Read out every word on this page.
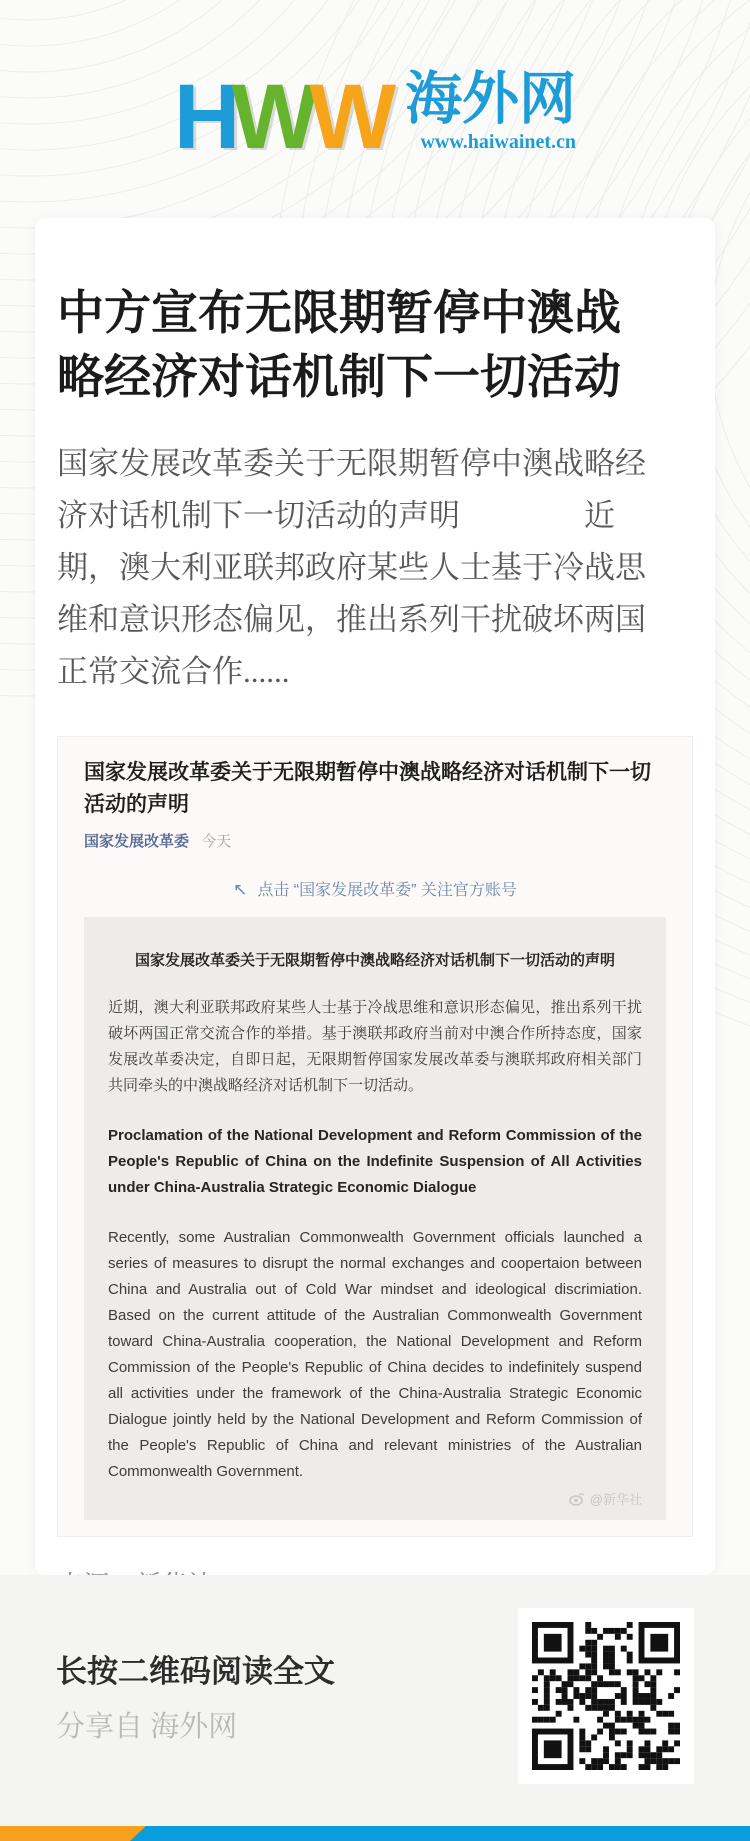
H W W 海外网
www.haiwainet.cn
中方宣布无限期暂停中澳战略经济对话机制下一切活动

国家发展改革委关于无限期暂停中澳战略经济对话机制下一切活动的声明　　　　近期，澳大利亚联邦政府某些人士基于冷战思维和意识形态偏见，推出系列干扰破坏两国正常交流合作......

国家发展改革委关于无限期暂停中澳战略经济对话机制下一切活动的声明
国家发展改革委 今天
↖ 点击 “国家发展改革委” 关注官方账号
国家发展改革委关于无限期暂停中澳战略经济对话机制下一切活动的声明
近期，澳大利亚联邦政府某些人士基于冷战思维和意识形态偏见，推出系列干扰破坏两国正常交流合作的举措。基于澳联邦政府当前对中澳合作所持态度，国家发展改革委决定，自即日起，无限期暂停国家发展改革委与澳联邦政府相关部门共同牵头的中澳战略经济对话机制下一切活动。
Proclamation of the National Development and Reform Commission of the People's Republic of China on the Indefinite Suspension of All Activities under China-Australia Strategic Economic Dialogue
Recently, some Australian Commonwealth Government officials launched a series of measures to disrupt the normal exchanges and coopertaion between China and Australia out of Cold War mindset and ideological discrimiation. Based on the current attitude of the Australian Commonwealth Government toward China-Australia cooperation, the National Development and Reform Commission of the People's Republic of China decides to indefinitely suspend all activities under the framework of the China-Australia Strategic Economic Dialogue jointly held by the National Development and Reform Commission of the People's Republic of China and relevant ministries of the Australian Commonwealth Government.
@新华社
长按二维码阅读全文
分享自 海外网
